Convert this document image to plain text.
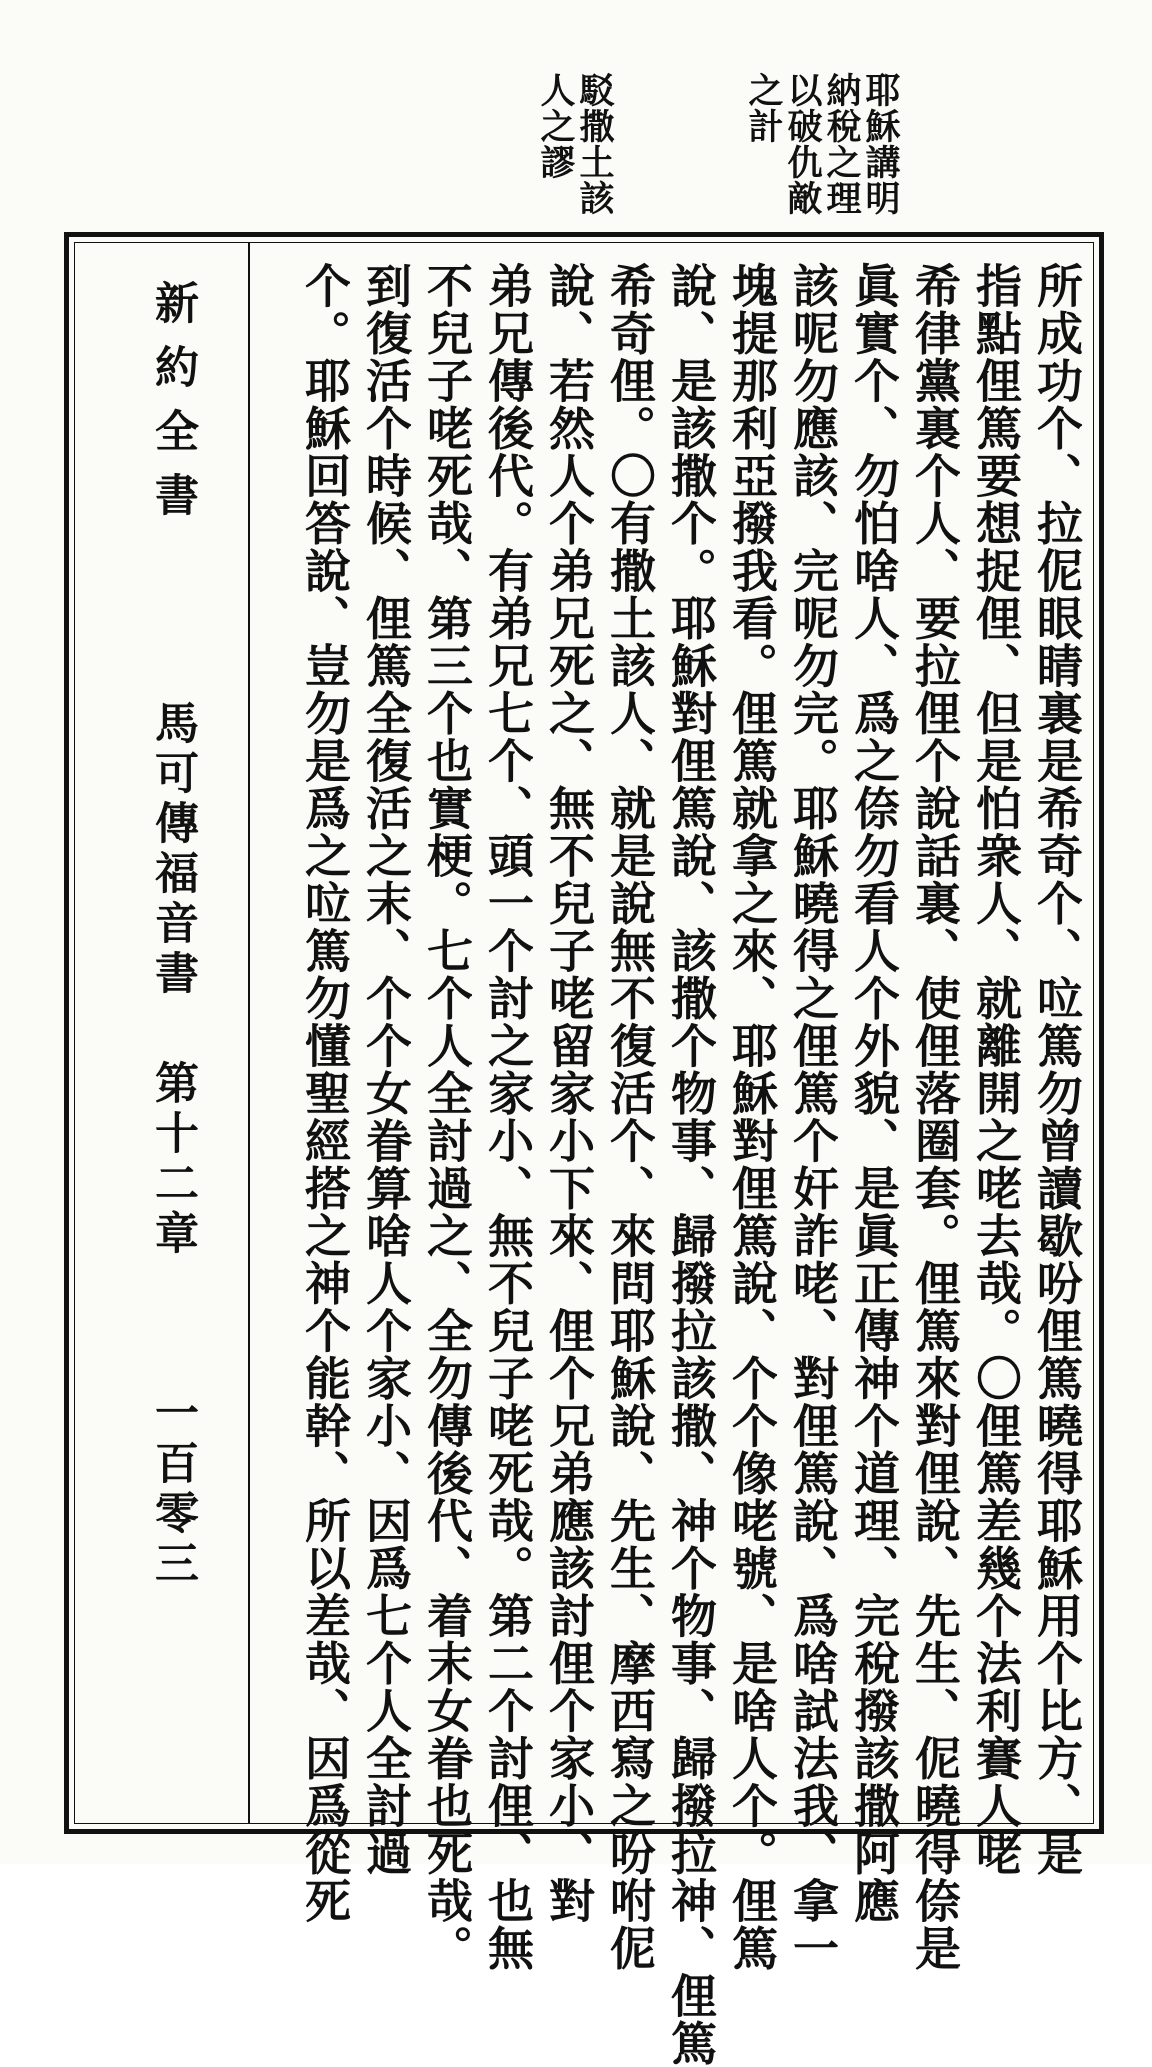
耶穌講明
納稅之理
以破仇敵
之計
駁撒土該
人之謬
所成功个、拉伲眼睛裏是希奇个、㕸篤勿曾讀歇吩俚篤曉得耶穌用个比方、是
指點俚篤要想捉俚、但是怕衆人、就離開之咾去哉。〇俚篤差幾个法利賽人咾
希律黨裏个人、要拉俚个說話裏、使俚落圈套。俚篤來對俚說、先生、伲曉得倷是
眞實个、勿怕啥人、爲之倷勿看人个外貌、是眞正傳神个道理、完稅撥該撒阿應
該呢勿應該、完呢勿完。耶穌曉得之俚篤个奸詐咾、對俚篤說、爲啥試法我、拿一
塊提那利亞撥我看。俚篤就拿之來、耶穌對俚篤說、个个像咾號、是啥人个。俚篤
說、是該撒个。耶穌對俚篤說、該撒个物事、歸撥拉該撒、神个物事、歸撥拉神、俚篤
希奇俚。〇有撒土該人、就是說無不復活个、來問耶穌說、先生、摩西寫之吩咐伲
說、若然人个弟兄死之、無不兒子咾留家小下來、俚个兄弟應該討俚个家小、對
弟兄傳後代。有弟兄七个、頭一个討之家小、無不兒子咾死哉。第二个討俚、也無
不兒子咾死哉、第三个也實梗。七个人全討過之、全勿傳後代、着末女眷也死哉。
到復活个時候、俚篤全復活之末、个个女眷算啥人个家小、因爲七个人全討過
个。耶穌回答說、豈勿是爲之㕸篤勿懂聖經搭之神个能幹、所以差哉、因爲從死
新約全書
馬可傳福音書
第十二章
一百零三
